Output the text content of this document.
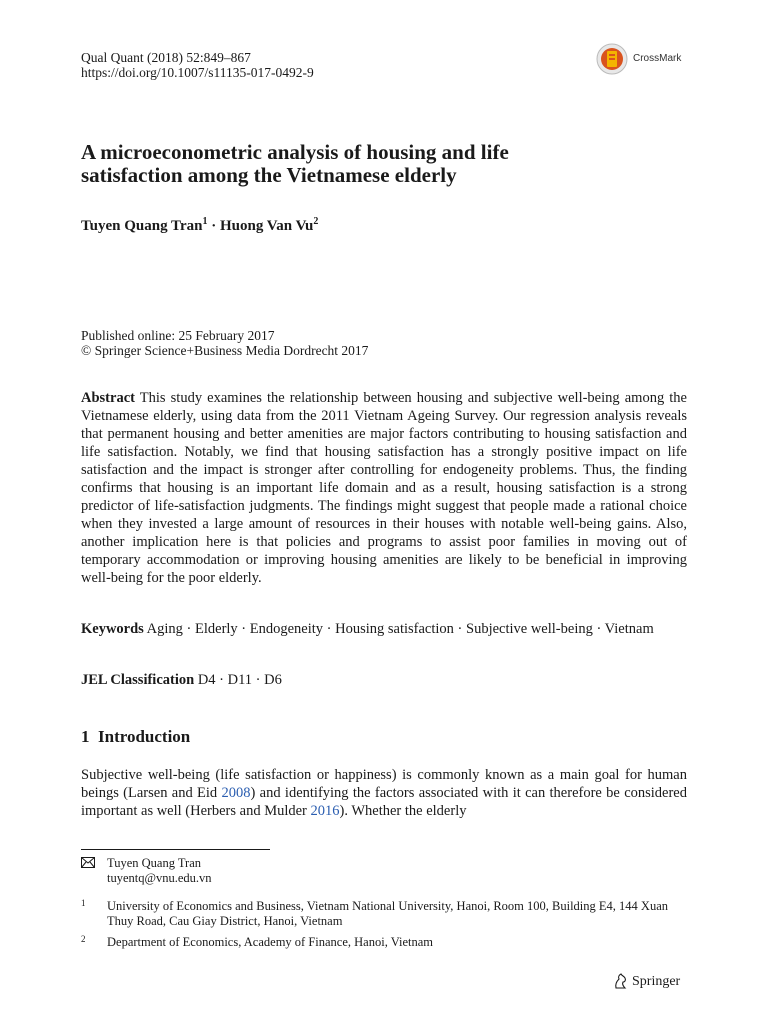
Qual Quant (2018) 52:849–867
https://doi.org/10.1007/s11135-017-0492-9
CrossMark
A microeconometric analysis of housing and life
satisfaction among the Vietnamese elderly
Tuyen Quang Tran$^1$ · Huong Van Vu$^2$
Published online: 25 February 2017
© Springer Science+Business Media Dordrecht 2017
Abstract This study examines the relationship between housing and subjective well-being among the Vietnamese elderly, using data from the 2011 Vietnam Ageing Survey. Our regression analysis reveals that permanent housing and better amenities are major factors contributing to housing satisfaction and life satisfaction. Notably, we find that housing satisfaction has a strongly positive impact on life satisfaction and the impact is stronger after controlling for endogeneity problems. Thus, the finding confirms that housing is an important life domain and as a result, housing satisfaction is a strong predictor of life-satisfaction judgments. The findings might suggest that people made a rational choice when they invested a large amount of resources in their houses with notable well-being gains. Also, another implication here is that policies and programs to assist poor families in moving out of temporary accommodation or improving housing amenities are likely to be beneficial in improving well-being for the poor elderly.
Keywords Aging · Elderly · Endogeneity · Housing satisfaction · Subjective well-being · Vietnam
JEL Classification D4 · D11 · D6
1  Introduction
Subjective well-being (life satisfaction or happiness) is commonly known as a main goal for human beings (Larsen and Eid 2008) and identifying the factors associated with it can therefore be considered important as well (Herbers and Mulder 2016). Whether the elderly
Tuyen Quang Tran
tuyentq@vnu.edu.vn
1 University of Economics and Business, Vietnam National University, Hanoi, Room 100, Building E4, 144 Xuan Thuy Road, Cau Giay District, Hanoi, Vietnam
2 Department of Economics, Academy of Finance, Hanoi, Vietnam
Springer
